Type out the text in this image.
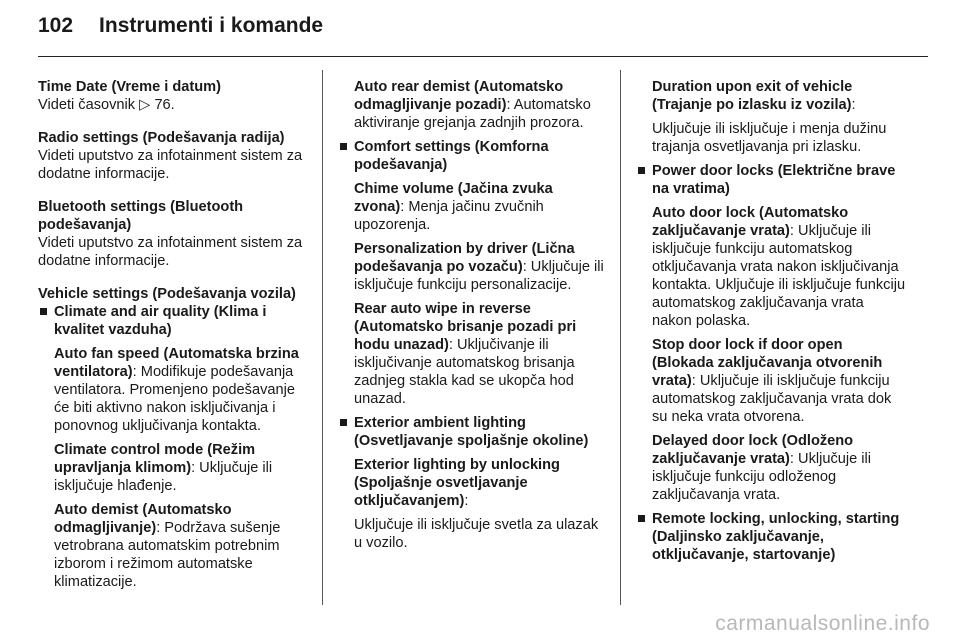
102 Instrumenti i komande
Time Date (Vreme i datum)
Videti časovnik ▷ 76.
Radio settings (Podešavanja radija)
Videti uputstvo za infotainment sistem za dodatne informacije.
Bluetooth settings (Bluetooth podešavanja)
Videti uputstvo za infotainment sistem za dodatne informacije.
Vehicle settings (Podešavanja vozila)
Climate and air quality (Klima i kvalitet vazduha)
Auto fan speed (Automatska brzina ventilatora): Modifikuje podešavanja ventilatora. Promenjeno podešavanje će biti aktivno nakon isključivanja i ponovnog uključivanja kontakta.
Climate control mode (Režim upravljanja klimom): Uključuje ili isključuje hlađenje.
Auto demist (Automatsko odmagljivanje): Podržava sušenje vetrobrana automatskim potrebnim izborom i režimom automatske klimatizacije.
Auto rear demist (Automatsko odmagljivanje pozadi): Automatsko aktiviranje grejanja zadnjih prozora.
Comfort settings (Komforna podešavanja)
Chime volume (Jačina zvuka zvona): Menja jačinu zvučnih upozorenja.
Personalization by driver (Lična podešavanja po vozaču): Uključuje ili isključuje funkciju personalizacije.
Rear auto wipe in reverse (Automatsko brisanje pozadi pri hodu unazad): Uključivanje ili isključivanje automatskog brisanja zadnjeg stakla kad se ukopča hod unazad.
Exterior ambient lighting (Osvetljavanje spoljašnje okoline)
Exterior lighting by unlocking (Spoljašnje osvetljavanje otključavanjem):
Uključuje ili isključuje svetla za ulazak u vozilo.
Duration upon exit of vehicle (Trajanje po izlasku iz vozila):
Uključuje ili isključuje i menja dužinu trajanja osvetljavanja pri izlasku.
Power door locks (Električne brave na vratima)
Auto door lock (Automatsko zaključavanje vrata): Uključuje ili isključuje funkciju automatskog otključavanja vrata nakon isključivanja kontakta. Uključuje ili isključuje funkciju automatskog zaključavanja vrata nakon polaska.
Stop door lock if door open (Blokada zaključavanja otvorenih vrata): Uključuje ili isključuje funkciju automatskog zaključavanja vrata dok su neka vrata otvorena.
Delayed door lock (Odloženo zaključavanje vrata): Uključuje ili isključuje funkciju odloženog zaključavanja vrata.
Remote locking, unlocking, starting (Daljinsko zaključavanje, otključavanje, startovanje)
carmanualsonline.info
